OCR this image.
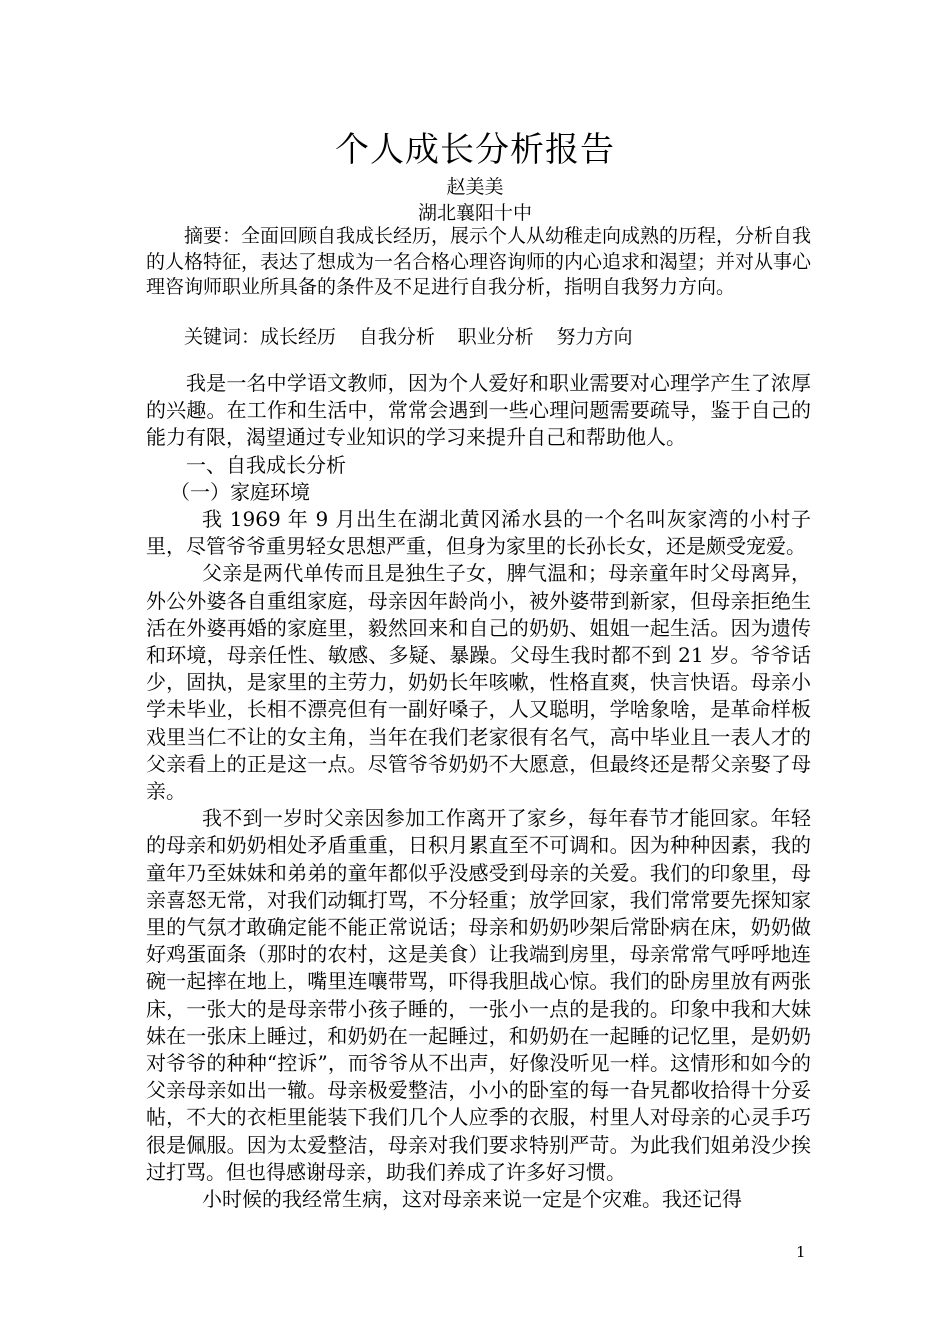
个人成长分析报告
赵美美
湖北襄阳十中

摘要：全面回顾自我成长经历，展示个人从幼稚走向成熟的历程，分析自我的人格特征，表达了想成为一名合格心理咨询师的内心追求和渴望；并对从事心理咨询师职业所具备的条件及不足进行自我分析，指明自我努力方向。

关键词：成长经历 自我分析 职业分析 努力方向

我是一名中学语文教师，因为个人爱好和职业需要对心理学产生了浓厚的兴趣。在工作和生活中，常常会遇到一些心理问题需要疏导，鉴于自己的能力有限，渴望通过专业知识的学习来提升自己和帮助他人。

一、自我成长分析

（一）家庭环境

我 1969 年 9 月出生在湖北黄冈浠水县的一个名叫灰家湾的小村子里，尽管爷爷重男轻女思想严重，但身为家里的长孙长女，还是颇受宠爱。

父亲是两代单传而且是独生子女，脾气温和；母亲童年时父母离异，外公外婆各自重组家庭，母亲因年龄尚小，被外婆带到新家，但母亲拒绝生活在外婆再婚的家庭里，毅然回来和自己的奶奶、姐姐一起生活。因为遗传和环境，母亲任性、敏感、多疑、暴躁。父母生我时都不到 21 岁。爷爷话少，固执，是家里的主劳力，奶奶长年咳嗽，性格直爽，快言快语。母亲小学未毕业，长相不漂亮但有一副好嗓子，人又聪明，学啥象啥，是革命样板戏里当仁不让的女主角，当年在我们老家很有名气，高中毕业且一表人才的父亲看上的正是这一点。尽管爷爷奶奶不大愿意，但最终还是帮父亲娶了母亲。

我不到一岁时父亲因参加工作离开了家乡，每年春节才能回家。年轻的母亲和奶奶相处矛盾重重，日积月累直至不可调和。因为种种因素，我的童年乃至妹妹和弟弟的童年都似乎没感受到母亲的关爱。我们的印象里，母亲喜怒无常，对我们动辄打骂，不分轻重；放学回家，我们常常要先探知家里的气氛才敢确定能不能正常说话；母亲和奶奶吵架后常卧病在床，奶奶做好鸡蛋面条（那时的农村，这是美食）让我端到房里，母亲常常气呼呼地连碗一起摔在地上，嘴里连嚷带骂，吓得我胆战心惊。我们的卧房里放有两张床，一张大的是母亲带小孩子睡的，一张小一点的是我的。印象中我和大妹妹在一张床上睡过，和奶奶在一起睡过，和奶奶在一起睡的记忆里，是奶奶对爷爷的种种“控诉”，而爷爷从不出声，好像没听见一样。这情形和如今的父亲母亲如出一辙。母亲极爱整洁，小小的卧室的每一旮旯都收拾得十分妥帖，不大的衣柜里能装下我们几个人应季的衣服，村里人对母亲的心灵手巧很是佩服。因为太爱整洁，母亲对我们要求特别严苛。为此我们姐弟没少挨过打骂。但也得感谢母亲，助我们养成了许多好习惯。

小时候的我经常生病，这对母亲来说一定是个灾难。我还记得

1
